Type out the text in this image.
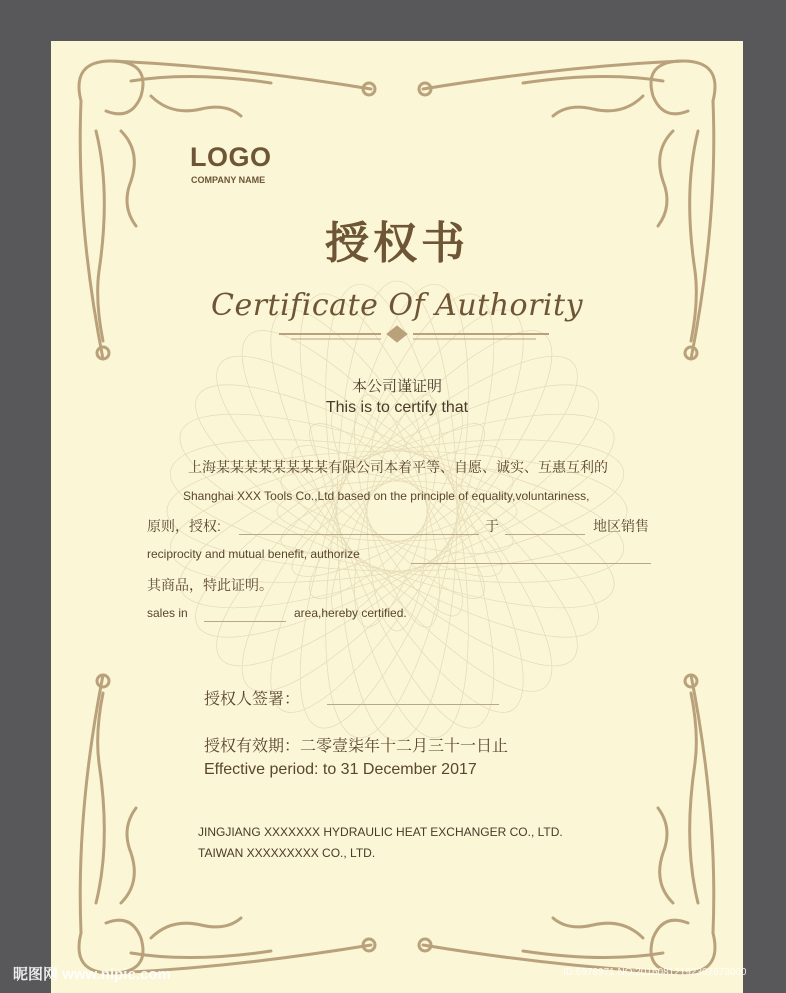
LOGO
COMPANY NAME
授权书
Certificate Of Authority
本公司谨证明
This is to certify that
上海某某某某某某某某有限公司本着平等、自愿、诚实、互惠互利的
Shanghai XXX Tools Co.,Ltd based on the principle of equality,voluntariness,
原则，授权:	于	地区销售
reciprocity and mutual benefit, authorize
其商品，特此证明。
sales in	area,hereby certified.
授权人签署：
授权有效期：二零壹柒年十二月三十一日止
Effective period: to 31 December 2017
JINGJIANG XXXXXXX HYDRAULIC HEAT EXCHANGER CO., LTD.
TAIWAN XXXXXXXXX CO., LTD.
昵图网 www.nipic.com	ID:5978971 NO:20160812192307673000
